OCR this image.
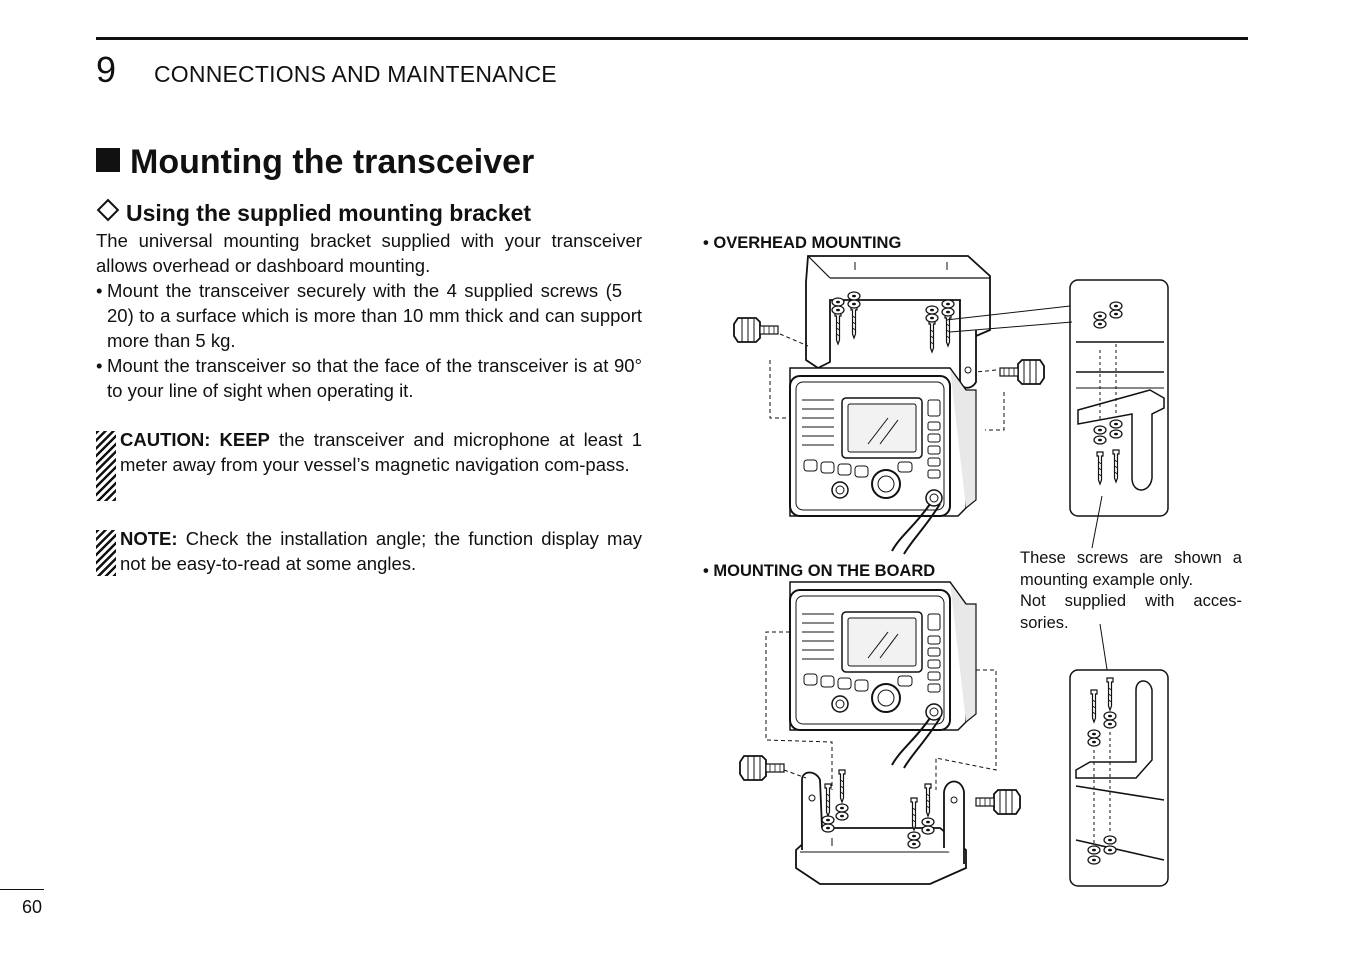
9 CONNECTIONS AND MAINTENANCE
Mounting the transceiver
Using the supplied mounting bracket
The universal mounting bracket supplied with your transceiver allows overhead or dashboard mounting.
• Mount the transceiver securely with the 4 supplied screws (5    20) to a surface which is more than 10 mm thick and can support more than 5 kg.
• Mount the transceiver so that the face of the transceiver is at 90° to your line of sight when operating it.
CAUTION: KEEP the transceiver and microphone at least 1 meter away from your vessel’s magnetic navigation com-pass.
NOTE: Check the installation angle; the function display may not be easy-to-read at some angles.
• OVERHEAD MOUNTING
• MOUNTING ON THE BOARD

These screws are shown a mounting example only.

Not supplied with acces-sories.

60
